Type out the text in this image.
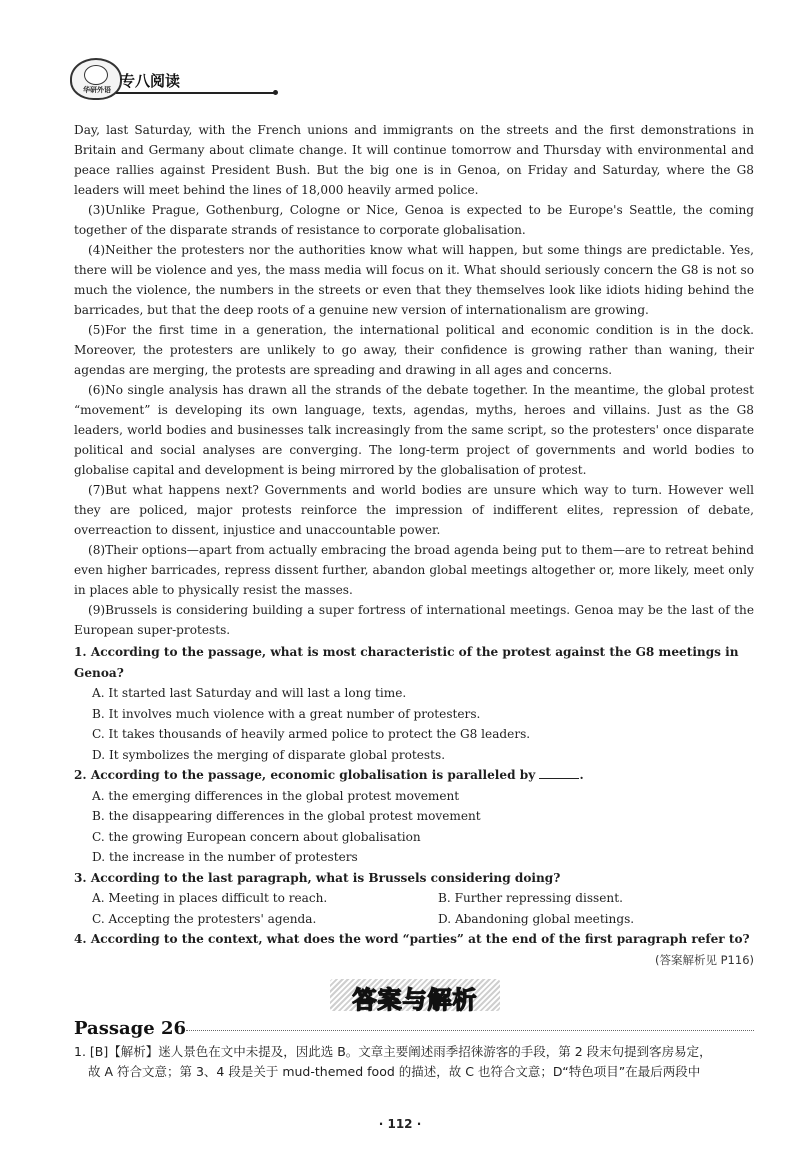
华研外语 专八阅读

Day, last Saturday, with the French unions and immigrants on the streets and the first demonstrations in Britain and Germany about climate change. It will continue tomorrow and Thursday with environmental and peace rallies against President Bush. But the big one is in Genoa, on Friday and Saturday, where the G8 leaders will meet behind the lines of 18,000 heavily armed police.

(3)Unlike Prague, Gothenburg, Cologne or Nice, Genoa is expected to be Europe's Seattle, the coming together of the disparate strands of resistance to corporate globalisation.

(4)Neither the protesters nor the authorities know what will happen, but some things are predictable. Yes, there will be violence and yes, the mass media will focus on it. What should seriously concern the G8 is not so much the violence, the numbers in the streets or even that they themselves look like idiots hiding behind the barricades, but that the deep roots of a genuine new version of internationalism are growing.

(5)For the first time in a generation, the international political and economic condition is in the dock. Moreover, the protesters are unlikely to go away, their confidence is growing rather than waning, their agendas are merging, the protests are spreading and drawing in all ages and concerns.

(6)No single analysis has drawn all the strands of the debate together. In the meantime, the global protest “movement” is developing its own language, texts, agendas, myths, heroes and villains. Just as the G8 leaders, world bodies and businesses talk increasingly from the same script, so the protesters' once disparate political and social analyses are converging. The long-term project of governments and world bodies to globalise capital and development is being mirrored by the globalisation of protest.

(7)But what happens next? Governments and world bodies are unsure which way to turn. However well they are policed, major protests reinforce the impression of indifferent elites, repression of debate, overreaction to dissent, injustice and unaccountable power.

(8)Their options—apart from actually embracing the broad agenda being put to them—are to retreat behind even higher barricades, repress dissent further, abandon global meetings altogether or, more likely, meet only in places able to physically resist the masses.

(9)Brussels is considering building a super fortress of international meetings. Genoa may be the last of the European super-protests.

1. According to the passage, what is most characteristic of the protest against the G8 meetings in Genoa?

A. It started last Saturday and will last a long time.

B. It involves much violence with a great number of protesters.

C. It takes thousands of heavily armed police to protect the G8 leaders.

D. It symbolizes the merging of disparate global protests.

2. According to the passage, economic globalisation is paralleled by	.

A. the emerging differences in the global protest movement

B. the disappearing differences in the global protest movement

C. the growing European concern about globalisation

D. the increase in the number of protesters

3. According to the last paragraph, what is Brussels considering doing?

A. Meeting in places difficult to reach.	B. Further repressing dissent.
C. Accepting the protesters' agenda.	D. Abandoning global meetings.

4. According to the context, what does the word “parties” at the end of the first paragraph refer to?

(答案解析见 P116)

答案与解析
Passage 26

1. [B]【解析】迷人景色在文中未提及，因此选 B。文章主要阐述雨季招徕游客的手段，第 2 段末句提到客房易定，

故 A 符合文意；第 3、4 段是关于 mud-themed food 的描述，故 C 也符合文意；D“特色项目”在最后两段中

· 112 ·
